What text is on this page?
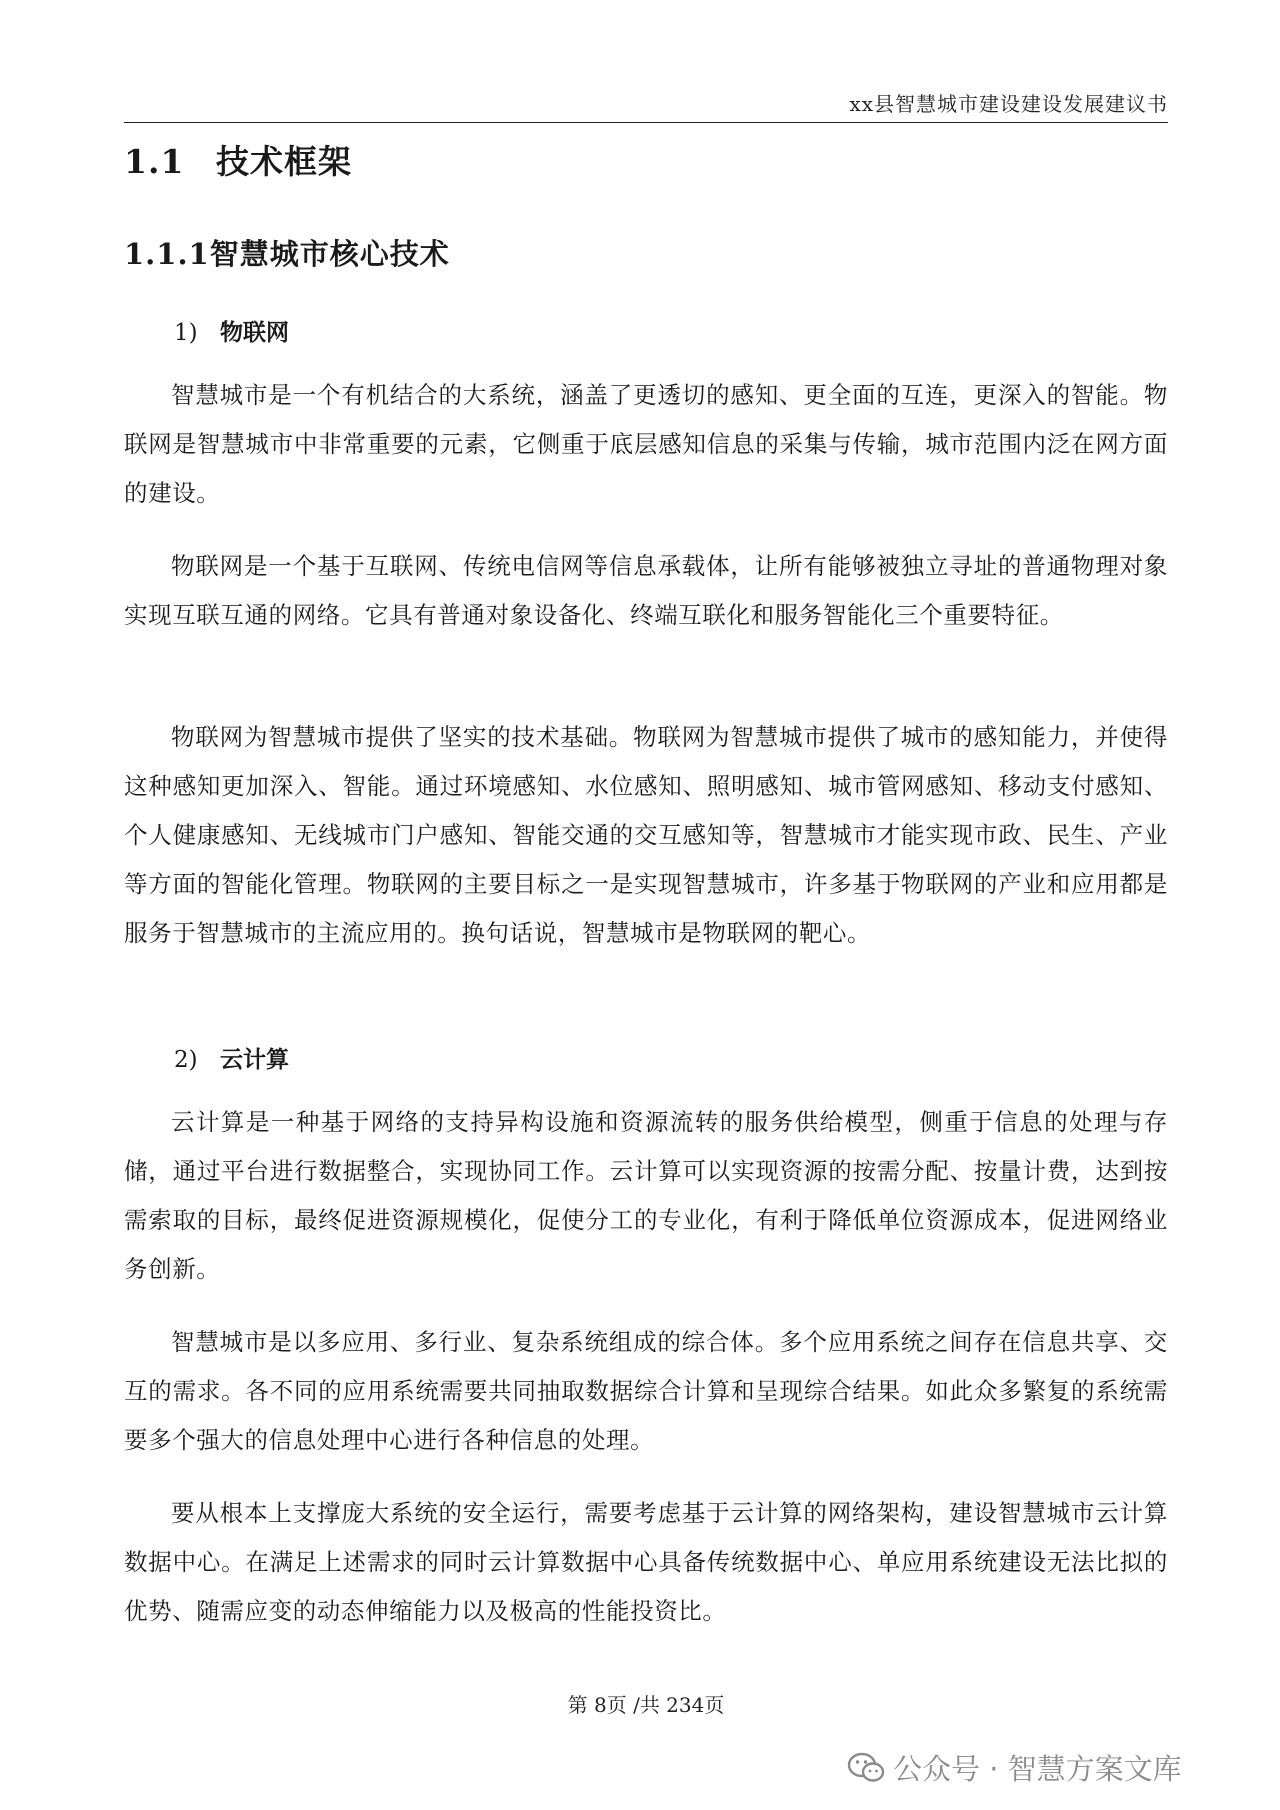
xx县智慧城市建设建设发展建议书
1.1 技术框架
1.1.1智慧城市核心技术
1) 物联网

智慧城市是一个有机结合的大系统，涵盖了更透切的感知、更全面的互连，更深入的智能。物联网是智慧城市中非常重要的元素，它侧重于底层感知信息的采集与传输，城市范围内泛在网方面的建设。

物联网是一个基于互联网、传统电信网等信息承载体，让所有能够被独立寻址的普通物理对象实现互联互通的网络。它具有普通对象设备化、终端互联化和服务智能化三个重要特征。

物联网为智慧城市提供了坚实的技术基础。物联网为智慧城市提供了城市的感知能力，并使得这种感知更加深入、智能。通过环境感知、水位感知、照明感知、城市管网感知、移动支付感知、个人健康感知、无线城市门户感知、智能交通的交互感知等，智慧城市才能实现市政、民生、产业等方面的智能化管理。物联网的主要目标之一是实现智慧城市，许多基于物联网的产业和应用都是服务于智慧城市的主流应用的。换句话说，智慧城市是物联网的靶心。

2) 云计算

云计算是一种基于网络的支持异构设施和资源流转的服务供给模型，侧重于信息的处理与存储，通过平台进行数据整合，实现协同工作。云计算可以实现资源的按需分配、按量计费，达到按需索取的目标，最终促进资源规模化，促使分工的专业化，有利于降低单位资源成本，促进网络业务创新。

智慧城市是以多应用、多行业、复杂系统组成的综合体。多个应用系统之间存在信息共享、交互的需求。各不同的应用系统需要共同抽取数据综合计算和呈现综合结果。如此众多繁复的系统需要多个强大的信息处理中心进行各种信息的处理。

要从根本上支撑庞大系统的安全运行，需要考虑基于云计算的网络架构，建设智慧城市云计算数据中心。在满足上述需求的同时云计算数据中心具备传统数据中心、单应用系统建设无法比拟的优势、随需应变的动态伸缩能力以及极高的性能投资比。

第 8页 /共 234页
公众号 · 智慧方案文库
